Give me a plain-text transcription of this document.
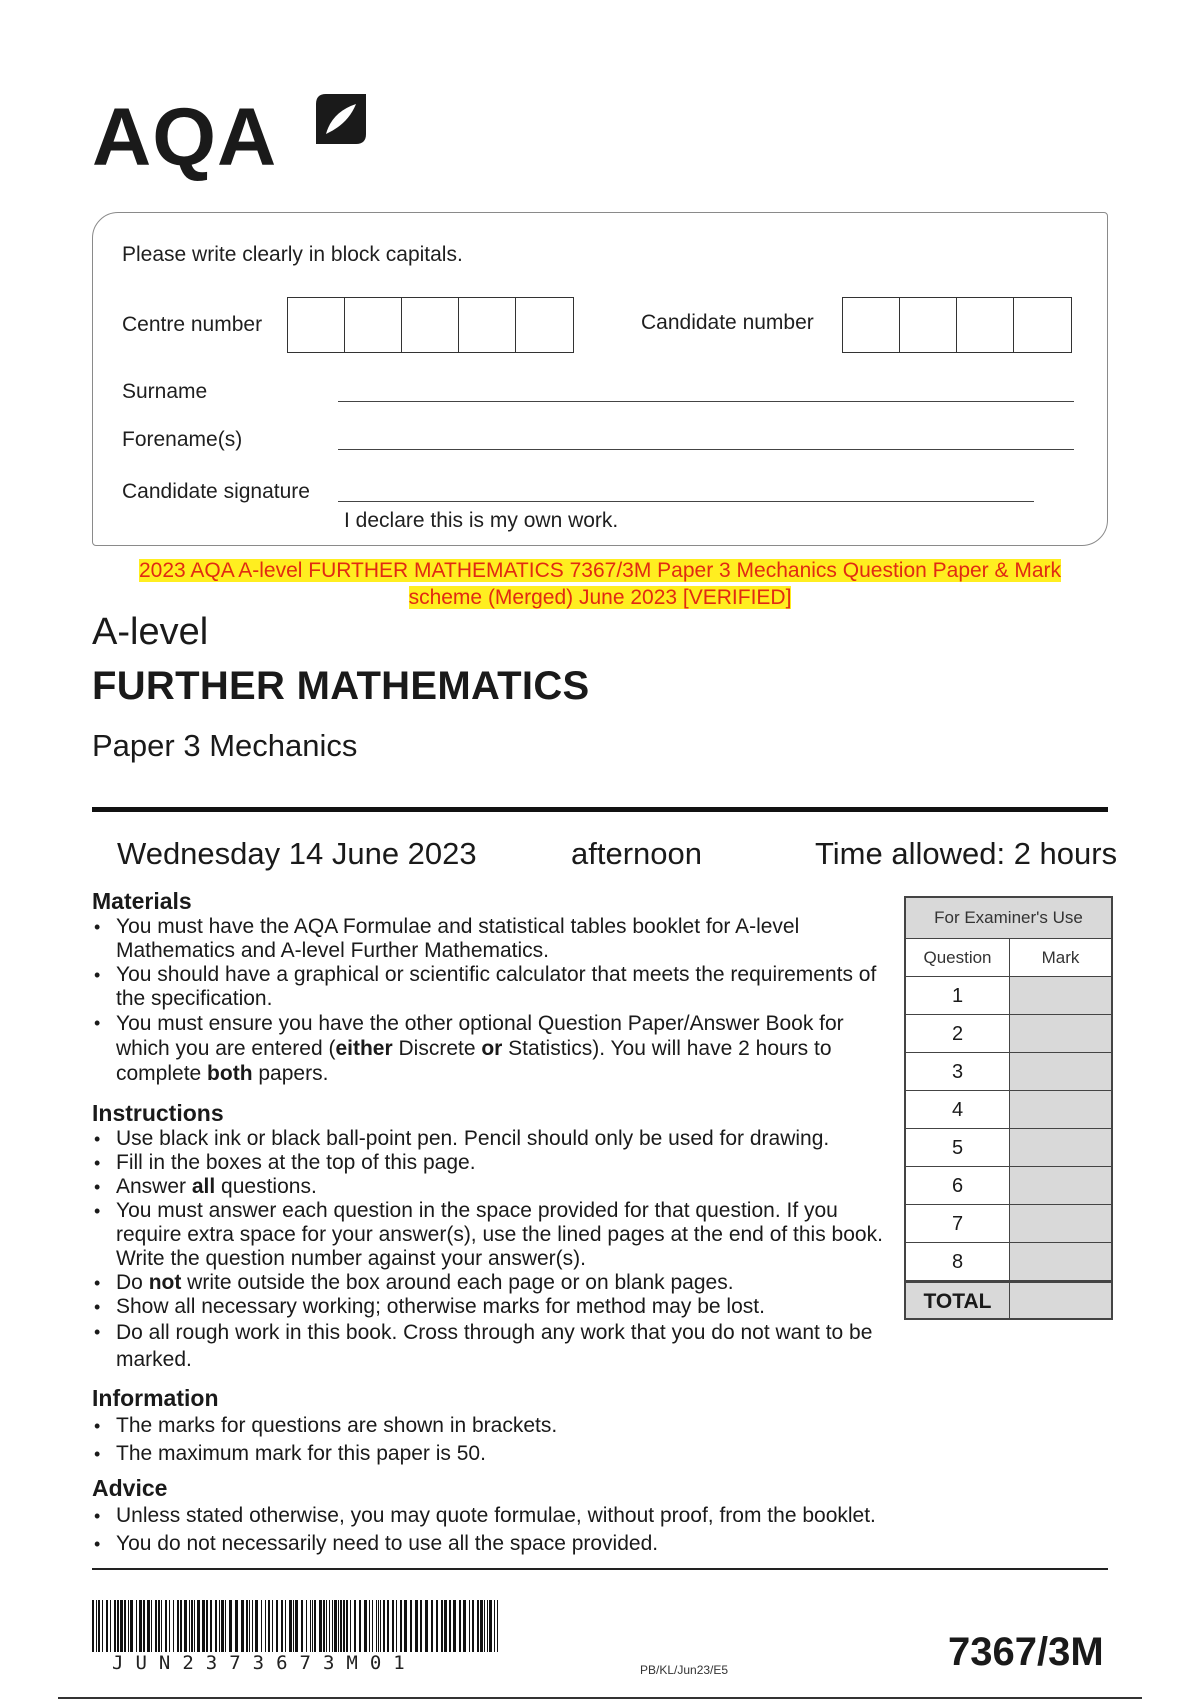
AQA
Please write clearly in block capitals.
Centre number	Candidate number
Surname
Forename(s)
Candidate signature
I declare this is my own work.
2023 AQA A-level FURTHER MATHEMATICS 7367/3M Paper 3 Mechanics Question Paper & Mark
scheme (Merged) June 2023 [VERIFIED]
A-level
FURTHER MATHEMATICS
Paper 3 Mechanics
Wednesday 14 June 2023	afternoon	Time allowed: 2 hours
Materials
• You must have the AQA Formulae and statistical tables booklet for A-level Mathematics and A-level Further Mathematics.
• You should have a graphical or scientific calculator that meets the requirements of the specification.
• You must ensure you have the other optional Question Paper/Answer Book for which you are entered (either Discrete or Statistics). You will have 2 hours to complete both papers.
Instructions
• Use black ink or black ball-point pen. Pencil should only be used for drawing.
• Fill in the boxes at the top of this page.
• Answer all questions.
• You must answer each question in the space provided for that question. If you require extra space for your answer(s), use the lined pages at the end of this book. Write the question number against your answer(s).
• Do not write outside the box around each page or on blank pages.
• Show all necessary working; otherwise marks for method may be lost.
• Do all rough work in this book. Cross through any work that you do not want to be marked.
Information
• The marks for questions are shown in brackets.
• The maximum mark for this paper is 50.
Advice
• Unless stated otherwise, you may quote formulae, without proof, from the booklet.
• You do not necessarily need to use all the space provided.
For Examiner's Use
Question	Mark
1
2
3
4
5
6
7
8
TOTAL
JUN2373673M01	PB/KL/Jun23/E5	7367/3M
